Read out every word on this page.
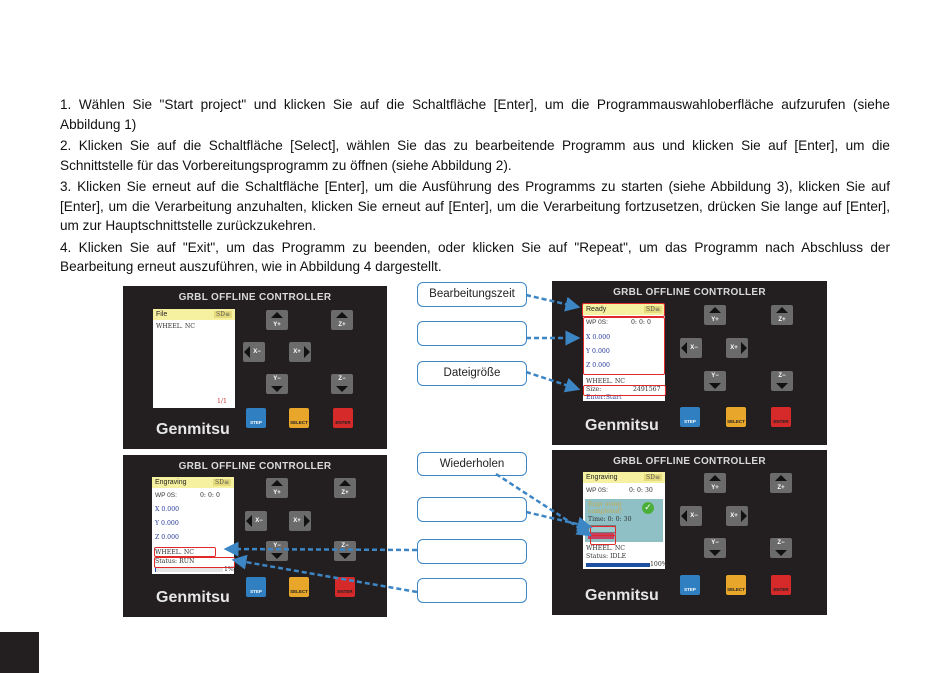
1. Wählen Sie "Start project" und klicken Sie auf die Schaltfläche [Enter], um die Programmauswahloberfläche aufzurufen (siehe Abbildung 1)

2. Klicken Sie auf die Schaltfläche [Select], wählen Sie das zu bearbeitende Programm aus und klicken Sie auf [Enter], um die Schnittstelle für das Vorbereitungsprogramm zu öffnen (siehe Abbildung 2).

3. Klicken Sie erneut auf die Schaltfläche [Enter], um die Ausführung des Programms zu starten (siehe Abbildung 3), klicken Sie auf [Enter], um die Verarbeitung anzuhalten, klicken Sie erneut auf [Enter], um die Verarbeitung fortzusetzen, drücken Sie lange auf [Enter], um zur Hauptschnittstelle zurückzukehren.

4. Klicken Sie auf "Exit", um das Programm zu beenden, oder klicken Sie auf "Repeat", um das Programm nach Abschluss der Bearbeitung erneut auszuführen, wie in Abbildung 4 dargestellt.

GRBL OFFLINE CONTROLLER
File	SD≡
WHEEL. NC
1/1
Y+	Z+
X−	X+
Y−	Z−
STEP	SELECT	ENTER
Genmitsu
GRBL OFFLINE CONTROLLER
Ready	SD≡
WP 0S:	0: 0: 0
X 0.000
Y 0.000
Z 0.000
WHEEL. NC
Size:	2491567
Enter:Start
Y+	Z+
X−	X+
Y−	Z−
STEP	SELECT	ENTER
Genmitsu
GRBL OFFLINE CONTROLLER
Engraving	SD≡
WP 0S:	0: 0: 0
X 0.000
Y 0.000
Z 0.000
WHEEL. NC
Status: RUN
1%
Y+	Z+
X−	X+
Y−	Z−
STEP	SELECT	ENTER
Genmitsu
GRBL OFFLINE CONTROLLER
Engraving	SD≡
WP 0S:	0: 0: 30
Engr aving completed!	✓
Time: 0: 0: 30
WHEEL. NC
Status: IDLE
100%
Y+	Z+
X−	X+
Y−	Z−
STEP	SELECT	ENTER
Genmitsu
Bearbeitungszeit
Dateigröße
Wiederholen
